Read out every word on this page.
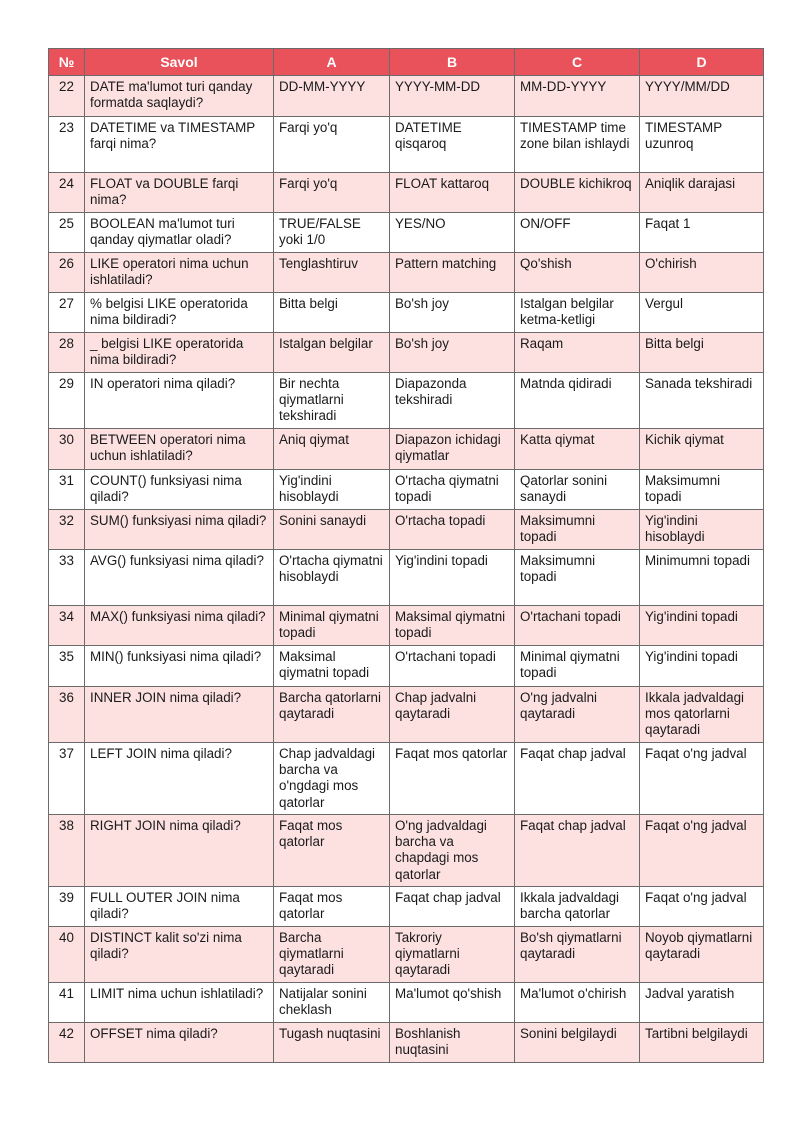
№	Savol	A	B	C	D
22	DATE ma'lumot turi qanday formatda saqlaydi?	DD-MM-YYYY	YYYY-MM-DD	MM-DD-YYYY	YYYY/MM/DD
23	DATETIME va TIMESTAMP farqi nima?	Farqi yo'q	DATETIME qisqaroq	TIMESTAMP time zone bilan ishlaydi	TIMESTAMP uzunroq
24	FLOAT va DOUBLE farqi nima?	Farqi yo'q	FLOAT kattaroq	DOUBLE kichikroq	Aniqlik darajasi
25	BOOLEAN ma'lumot turi qanday qiymatlar oladi?	TRUE/FALSE yoki 1/0	YES/NO	ON/OFF	Faqat 1
26	LIKE operatori nima uchun ishlatiladi?	Tenglashtiruv	Pattern matching	Qo'shish	O'chirish
27	% belgisi LIKE operatorida nima bildiradi?	Bitta belgi	Bo'sh joy	Istalgan belgilar ketma-ketligi	Vergul
28	_ belgisi LIKE operatorida nima bildiradi?	Istalgan belgilar	Bo'sh joy	Raqam	Bitta belgi
29	IN operatori nima qiladi?	Bir nechta qiymatlarni tekshiradi	Diapazonda tekshiradi	Matnda qidiradi	Sanada tekshiradi
30	BETWEEN operatori nima uchun ishlatiladi?	Aniq qiymat	Diapazon ichidagi qiymatlar	Katta qiymat	Kichik qiymat
31	COUNT() funksiyasi nima qiladi?	Yig'indini hisoblaydi	O'rtacha qiymatni topadi	Qatorlar sonini sanaydi	Maksimumni topadi
32	SUM() funksiyasi nima qiladi?	Sonini sanaydi	O'rtacha topadi	Maksimumni topadi	Yig'indini hisoblaydi
33	AVG() funksiyasi nima qiladi?	O'rtacha qiymatni hisoblaydi	Yig'indini topadi	Maksimumni topadi	Minimumni topadi
34	MAX() funksiyasi nima qiladi?	Minimal qiymatni topadi	Maksimal qiymatni topadi	O'rtachani topadi	Yig'indini topadi
35	MIN() funksiyasi nima qiladi?	Maksimal qiymatni topadi	O'rtachani topadi	Minimal qiymatni topadi	Yig'indini topadi
36	INNER JOIN nima qiladi?	Barcha qatorlarni qaytaradi	Chap jadvalni qaytaradi	O'ng jadvalni qaytaradi	Ikkala jadvaldagi mos qatorlarni qaytaradi
37	LEFT JOIN nima qiladi?	Chap jadvaldagi barcha va o'ngdagi mos qatorlar	Faqat mos qatorlar	Faqat chap jadval	Faqat o'ng jadval
38	RIGHT JOIN nima qiladi?	Faqat mos qatorlar	O'ng jadvaldagi barcha va chapdagi mos qatorlar	Faqat chap jadval	Faqat o'ng jadval
39	FULL OUTER JOIN nima qiladi?	Faqat mos qatorlar	Faqat chap jadval	Ikkala jadvaldagi barcha qatorlar	Faqat o'ng jadval
40	DISTINCT kalit so'zi nima qiladi?	Barcha qiymatlarni qaytaradi	Takroriy qiymatlarni qaytaradi	Bo'sh qiymatlarni qaytaradi	Noyob qiymatlarni qaytaradi
41	LIMIT nima uchun ishlatiladi?	Natijalar sonini cheklash	Ma'lumot qo'shish	Ma'lumot o'chirish	Jadval yaratish
42	OFFSET nima qiladi?	Tugash nuqtasini	Boshlanish nuqtasini	Sonini belgilaydi	Tartibni belgilaydi
